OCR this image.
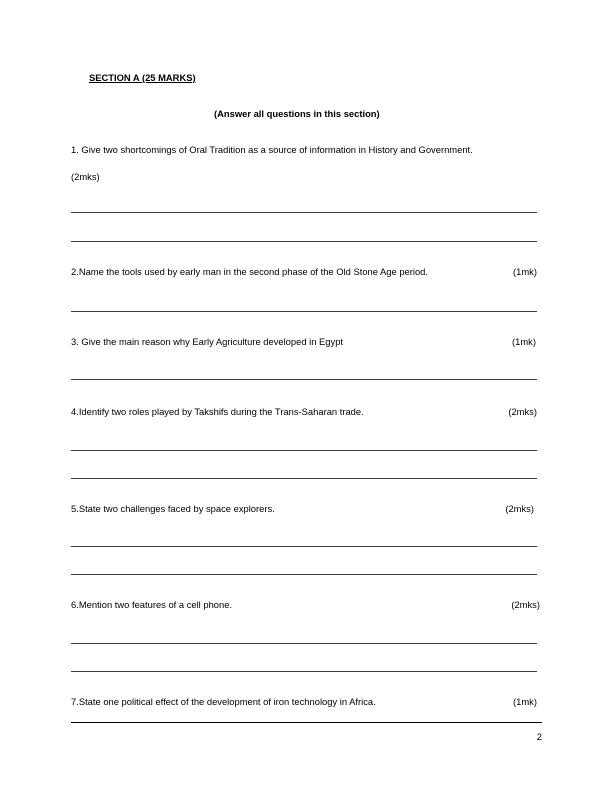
SECTION A (25 MARKS)
(Answer all questions in this section)
1. Give two shortcomings of Oral Tradition as a source of information in History and Government.
(2mks)
2.Name the tools used by early man in the second phase of the Old Stone Age period.	(1mk)
3. Give the main reason why Early Agriculture developed in Egypt	(1mk)
4.Identify two roles played by Takshifs during the Trans-Saharan trade.	(2mks)
5.State two challenges faced by space explorers.	(2mks)
6.Mention two features of a cell phone.	(2mks)
7.State one political effect of the development of iron technology in Africa.	(1mk)
2
